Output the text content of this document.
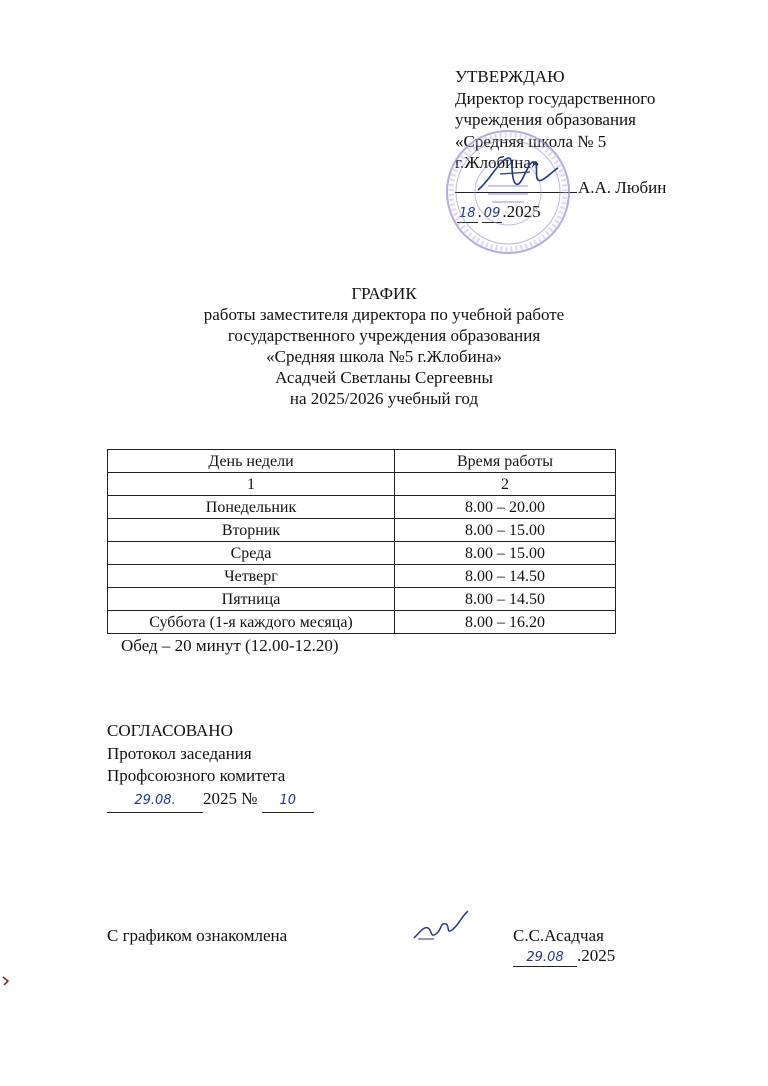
УТВЕРЖДАЮ
Директор государственного
учреждения образования
«Средняя школа № 5
г.Жлобина»
А.А. Любин
18 . 09 .2025
ГРАФИК
работы заместителя директора по учебной работе
государственного учреждения образования
«Средняя школа №5 г.Жлобина»
Асадчей Светланы Сергеевны
на 2025/2026 учебный год
День недели	Время работы
1	2
Понедельник	8.00 – 20.00
Вторник	8.00 – 15.00
Среда	8.00 – 15.00
Четверг	8.00 – 14.50
Пятница	8.00 – 14.50
Суббота (1-я каждого месяца)	8.00 – 16.20
Обед – 20 минут (12.00-12.20)
СОГЛАСОВАНО
Протокол заседания
Профсоюзного комитета
29.08. 2025 № 10
С графиком ознакомлена	С.С.Асадчая
29.08 .2025
